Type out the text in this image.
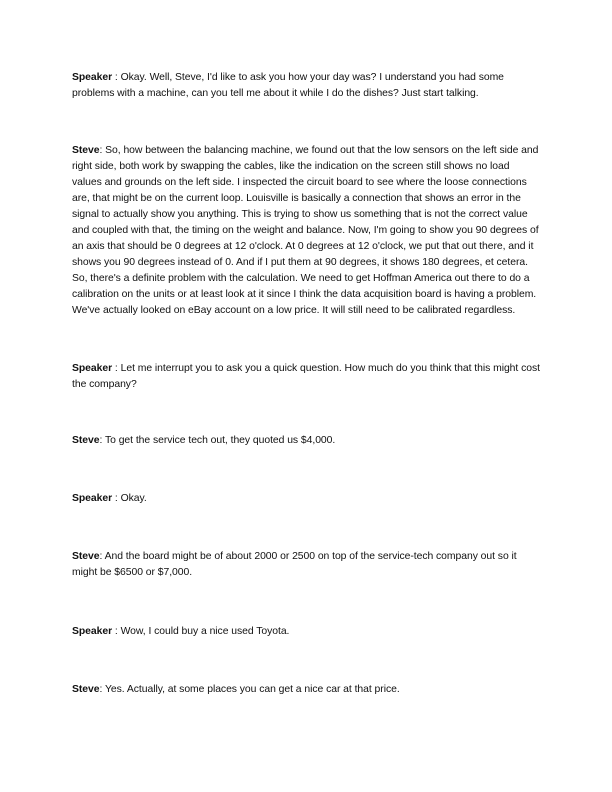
Speaker : Okay. Well, Steve, I'd like to ask you how your day was? I understand you had some problems with a machine, can you tell me about it while I do the dishes? Just start talking.

Steve: So, how between the balancing machine, we found out that the low sensors on the left side and right side, both work by swapping the cables, like the indication on the screen still shows no load values and grounds on the left side. I inspected the circuit board to see where the loose connections are, that might be on the current loop. Louisville is basically a connection that shows an error in the signal to actually show you anything. This is trying to show us something that is not the correct value and coupled with that, the timing on the weight and balance. Now, I'm going to show you 90 degrees of an axis that should be 0 degrees at 12 o'clock. At 0 degrees at 12 o'clock, we put that out there, and it shows you 90 degrees instead of 0. And if I put them at 90 degrees, it shows 180 degrees, et cetera. So, there's a definite problem with the calculation. We need to get Hoffman America out there to do a calibration on the units or at least look at it since I think the data acquisition board is having a problem. We've actually looked on eBay account on a low price. It will still need to be calibrated regardless.

Speaker : Let me interrupt you to ask you a quick question. How much do you think that this might cost the company?

Steve: To get the service tech out, they quoted us $4,000.

Speaker : Okay.

Steve: And the board might be of about 2000 or 2500 on top of the service-tech company out so it might be $6500 or $7,000.

Speaker : Wow, I could buy a nice used Toyota.

Steve: Yes. Actually, at some places you can get a nice car at that price.
